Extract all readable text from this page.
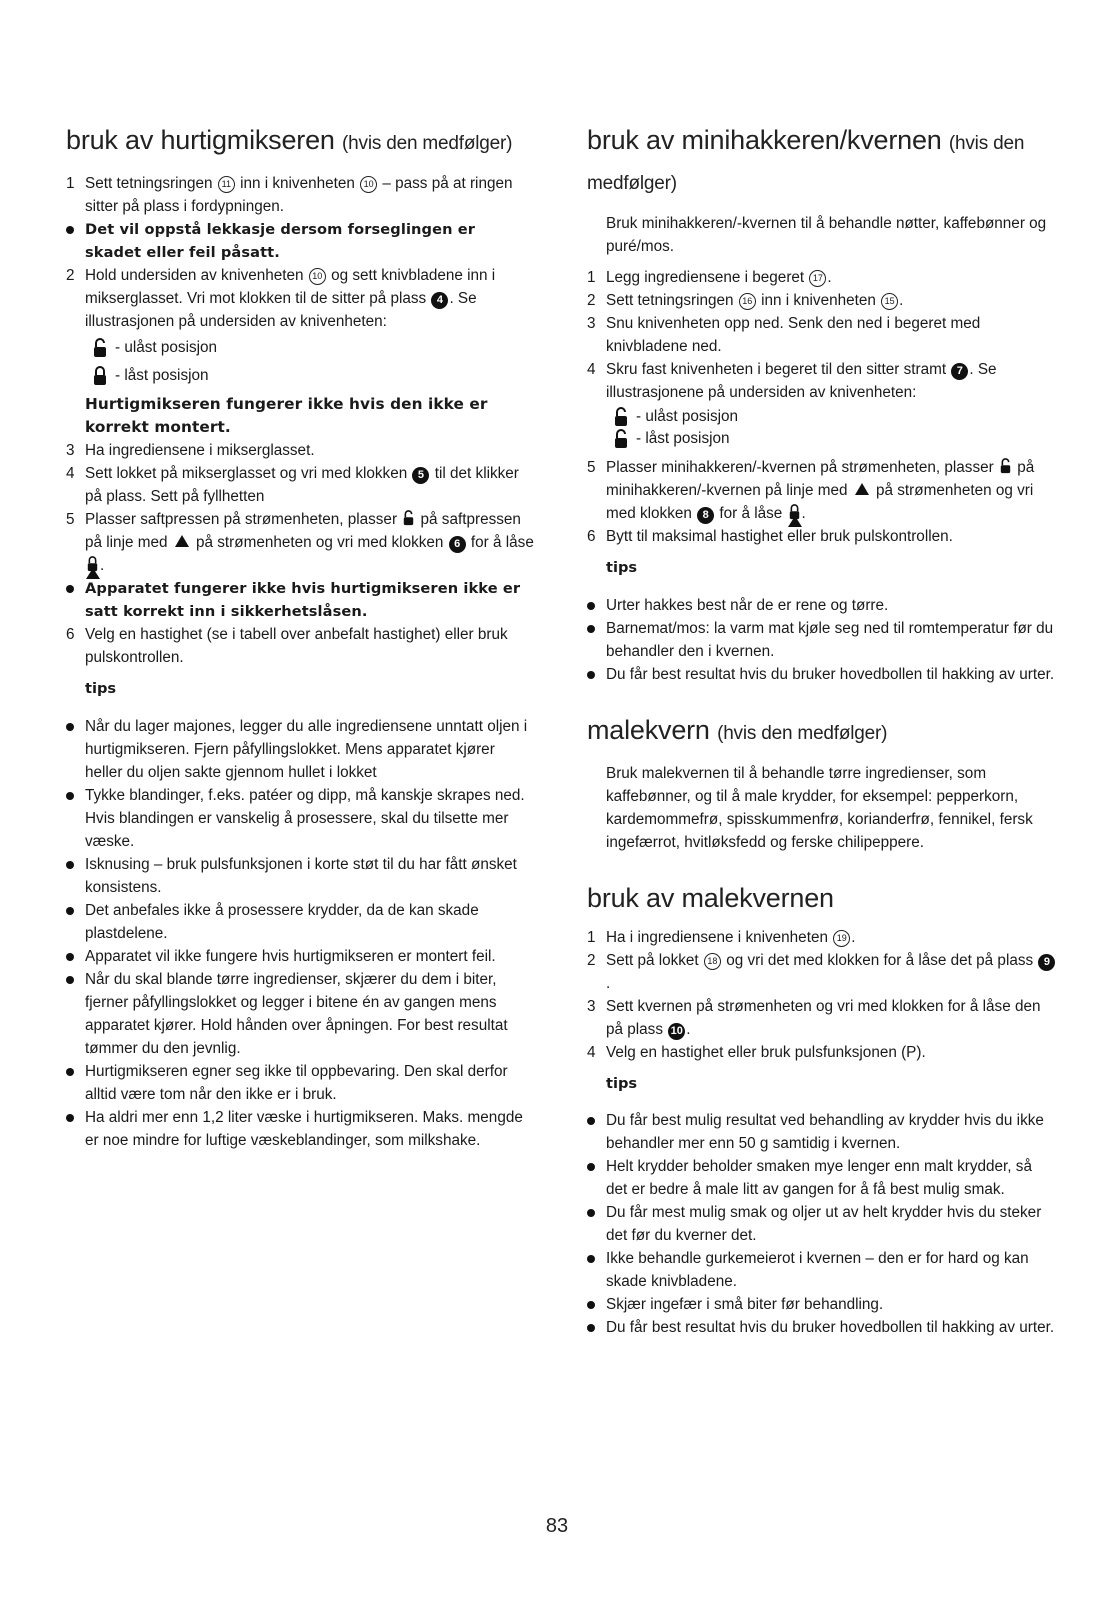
bruk av hurtigmikseren (hvis den medfølger)

1 Sett tetningsringen 11 inn i knivenheten 10 – pass på at ringen sitter på plass i fordypningen.

Det vil oppstå lekkasje dersom forseglingen er skadet eller feil påsatt.

2 Hold undersiden av knivenheten 10 og sett knivbladene inn i mikserglasset. Vri mot klokken til de sitter på plass 4 . Se illustrasjonen på undersiden av knivenheten:

- ulåst posisjon
- låst posisjon

Hurtigmikseren fungerer ikke hvis den ikke er korrekt montert.

3 Ha ingrediensene i mikserglasset.

4 Sett lokket på mikserglasset og vri med klokken 5 til det klikker på plass. Sett på fyllhetten

5 Plasser saftpressen på strømenheten, plasser på saftpressen på linje med på strømenheten og vri med klokken 6 for å låse
.

Apparatet fungerer ikke hvis hurtigmikseren ikke er satt korrekt inn i sikkerhetslåsen.

6 Velg en hastighet (se i tabell over anbefalt hastighet) eller bruk pulskontrollen.

tips

Når du lager majones, legger du alle ingrediensene unntatt oljen i hurtigmikseren. Fjern påfyllingslokket. Mens apparatet kjører heller du oljen sakte gjennom hullet i lokket

Tykke blandinger, f.eks. patéer og dipp, må kanskje skrapes ned. Hvis blandingen er vanskelig å prosessere, skal du tilsette mer væske.

Isknusing – bruk pulsfunksjonen i korte støt til du har fått ønsket konsistens.

Det anbefales ikke å prosessere krydder, da de kan skade plastdelene.

Apparatet vil ikke fungere hvis hurtigmikseren er montert feil.

Når du skal blande tørre ingredienser, skjærer du dem i biter, fjerner påfyllingslokket og legger i bitene én av gangen mens apparatet kjører. Hold hånden over åpningen. For best resultat tømmer du den jevnlig.

Hurtigmikseren egner seg ikke til oppbevaring. Den skal derfor alltid være tom når den ikke er i bruk.

Ha aldri mer enn 1,2 liter væske i hurtigmikseren. Maks. mengde er noe mindre for luftige væskeblandinger, som milkshake.

bruk av minihakkeren/kvernen (hvis den medfølger)

Bruk minihakkeren/-kvernen til å behandle nøtter, kaffebønner og puré/mos.

1 Legg ingrediensene i begeret 17 .

2 Sett tetningsringen 16 inn i knivenheten 15 .

3 Snu knivenheten opp ned. Senk den ned i begeret med knivbladene ned.

4 Skru fast knivenheten i begeret til den sitter stramt 7 . Se illustrasjonene på undersiden av knivenheten:

- ulåst posisjon
- låst posisjon

5 Plasser minihakkeren/-kvernen på strømenheten, plasser på minihakkeren/-kvernen på linje med på strømenheten og vri med klokken 8 for å låse .

6 Bytt til maksimal hastighet eller bruk pulskontrollen.

tips

Urter hakkes best når de er rene og tørre.

Barnemat/mos: la varm mat kjøle seg ned til romtemperatur før du behandler den i kvernen.

Du får best resultat hvis du bruker hovedbollen til hakking av urter.

malekvern (hvis den medfølger)

Bruk malekvernen til å behandle tørre ingredienser, som kaffebønner, og til å male krydder, for eksempel: pepperkorn, kardemommefrø, spisskummenfrø, korianderfrø, fennikel, fersk ingefærrot, hvitløksfedd og ferske chilipepperе.

bruk av malekvernen

1 Ha i ingrediensene i knivenheten 19 .

2 Sett på lokket 18 og vri det med klokken for å låse det på plass 9.

3 Sett kvernen på strømenheten og vri med klokken for å låse den på plass 10 .

4 Velg en hastighet eller bruk pulsfunksjonen (P).

tips

Du får best mulig resultat ved behandling av krydder hvis du ikke behandler mer enn 50 g samtidig i kvernen.

Helt krydder beholder smaken mye lenger enn malt krydder, så det er bedre å male litt av gangen for å få best mulig smak.

Du får mest mulig smak og oljer ut av helt krydder hvis du steker det før du kverner det.

Ikke behandle gurkemeierot i kvernen – den er for hard og kan skade knivbladene.

Skjær ingefær i små biter før behandling.

Du får best resultat hvis du bruker hovedbollen til hakking av urter.

83
